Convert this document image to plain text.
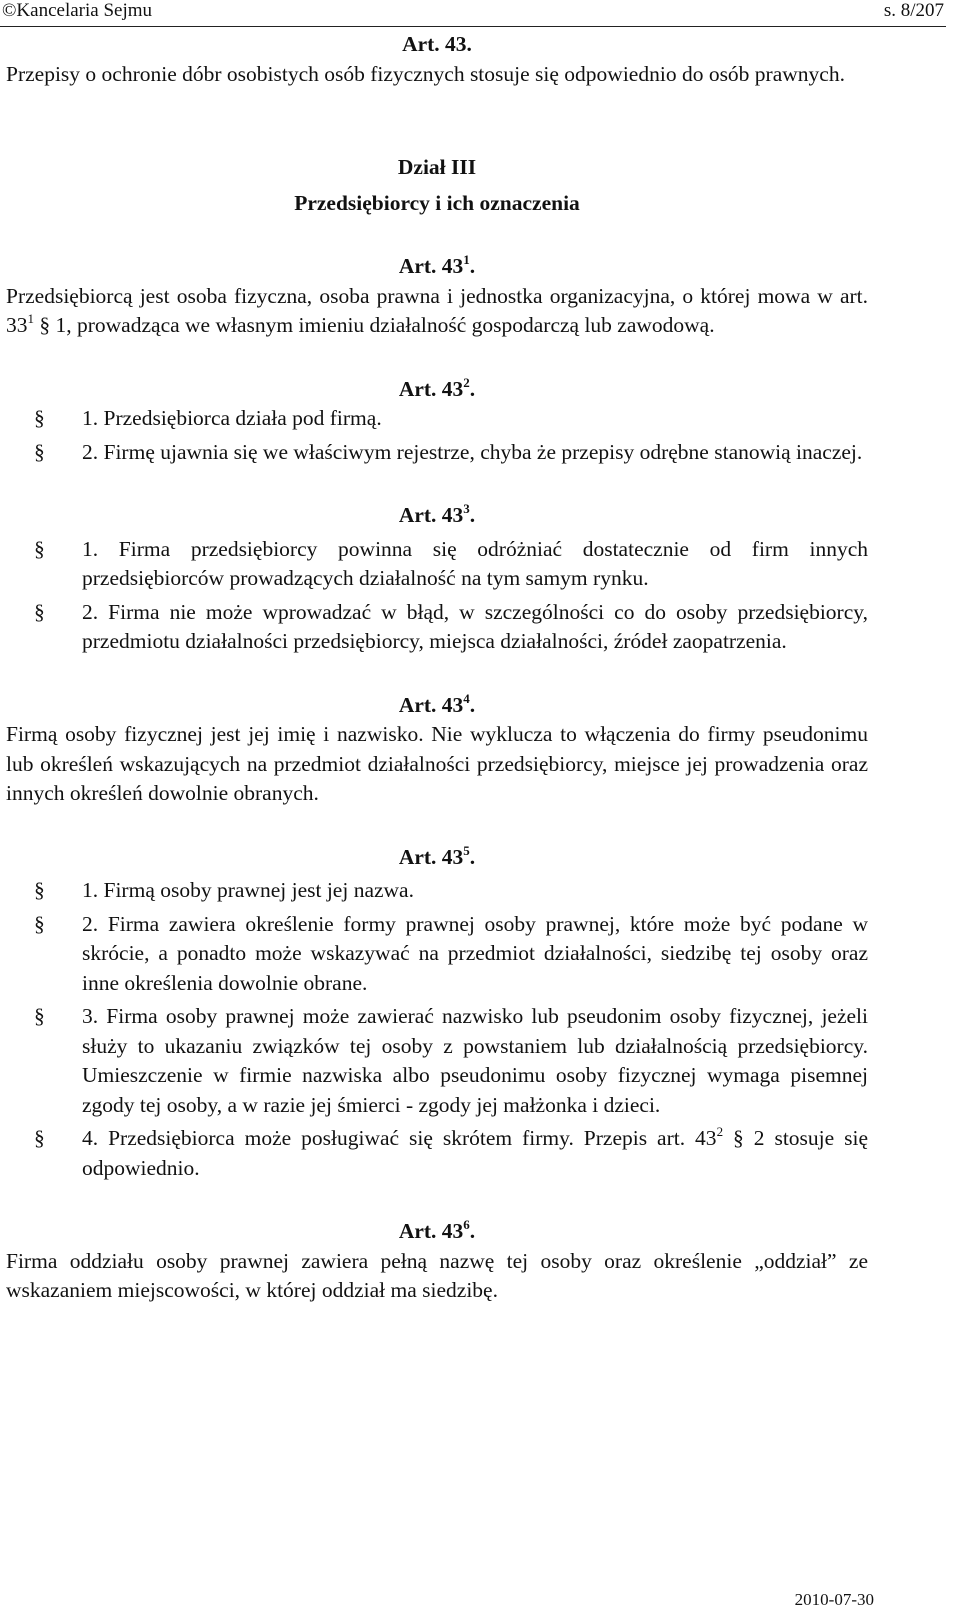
©Kancelaria Sejmu	s. 8/207

Art. 43.

Przepisy o ochronie dóbr osobistych osób fizycznych stosuje się odpowiednio do osób prawnych.

Dział III

Przedsiębiorcy i ich oznaczenia

Art. $43^1$.

Przedsiębiorcą jest osoba fizyczna, osoba prawna i jednostka organizacyjna, o której mowa w art. $33^1$ § 1, prowadząca we własnym imieniu działalność gospodarczą lub zawodową.

Art. $43^2$.

§ 1. Przedsiębiorca działa pod firmą.
§ 2. Firmę ujawnia się we właściwym rejestrze, chyba że przepisy odrębne stanowią inaczej.

Art. $43^3$.

§ 1. Firma przedsiębiorcy powinna się odróżniać dostatecznie od firm innych przedsiębiorców prowadzących działalność na tym samym rynku.
§ 2. Firma nie może wprowadzać w błąd, w szczególności co do osoby przedsiębiorcy, przedmiotu działalności przedsiębiorcy, miejsca działalności, źródeł zaopatrzenia.

Art. $43^4$.

Firmą osoby fizycznej jest jej imię i nazwisko. Nie wyklucza to włączenia do firmy pseudonimu lub określeń wskazujących na przedmiot działalności przedsiębiorcy, miejsce jej prowadzenia oraz innych określeń dowolnie obranych.

Art. $43^5$.

§ 1. Firmą osoby prawnej jest jej nazwa.
§ 2. Firma zawiera określenie formy prawnej osoby prawnej, które może być podane w skrócie, a ponadto może wskazywać na przedmiot działalności, siedzibę tej osoby oraz inne określenia dowolnie obrane.
§ 3. Firma osoby prawnej może zawierać nazwisko lub pseudonim osoby fizycznej, jeżeli służy to ukazaniu związków tej osoby z powstaniem lub działalnością przedsiębiorcy. Umieszczenie w firmie nazwiska albo pseudonimu osoby fizycznej wymaga pisemnej zgody tej osoby, a w razie jej śmierci - zgody jej małżonka i dzieci.
§ 4. Przedsiębiorca może posługiwać się skrótem firmy. Przepis art. $43^2$ § 2 stosuje się odpowiednio.

Art. $43^6$.

Firma oddziału osoby prawnej zawiera pełną nazwę tej osoby oraz określenie „oddział” ze wskazaniem miejscowości, w której oddział ma siedzibę.

2010-07-30
